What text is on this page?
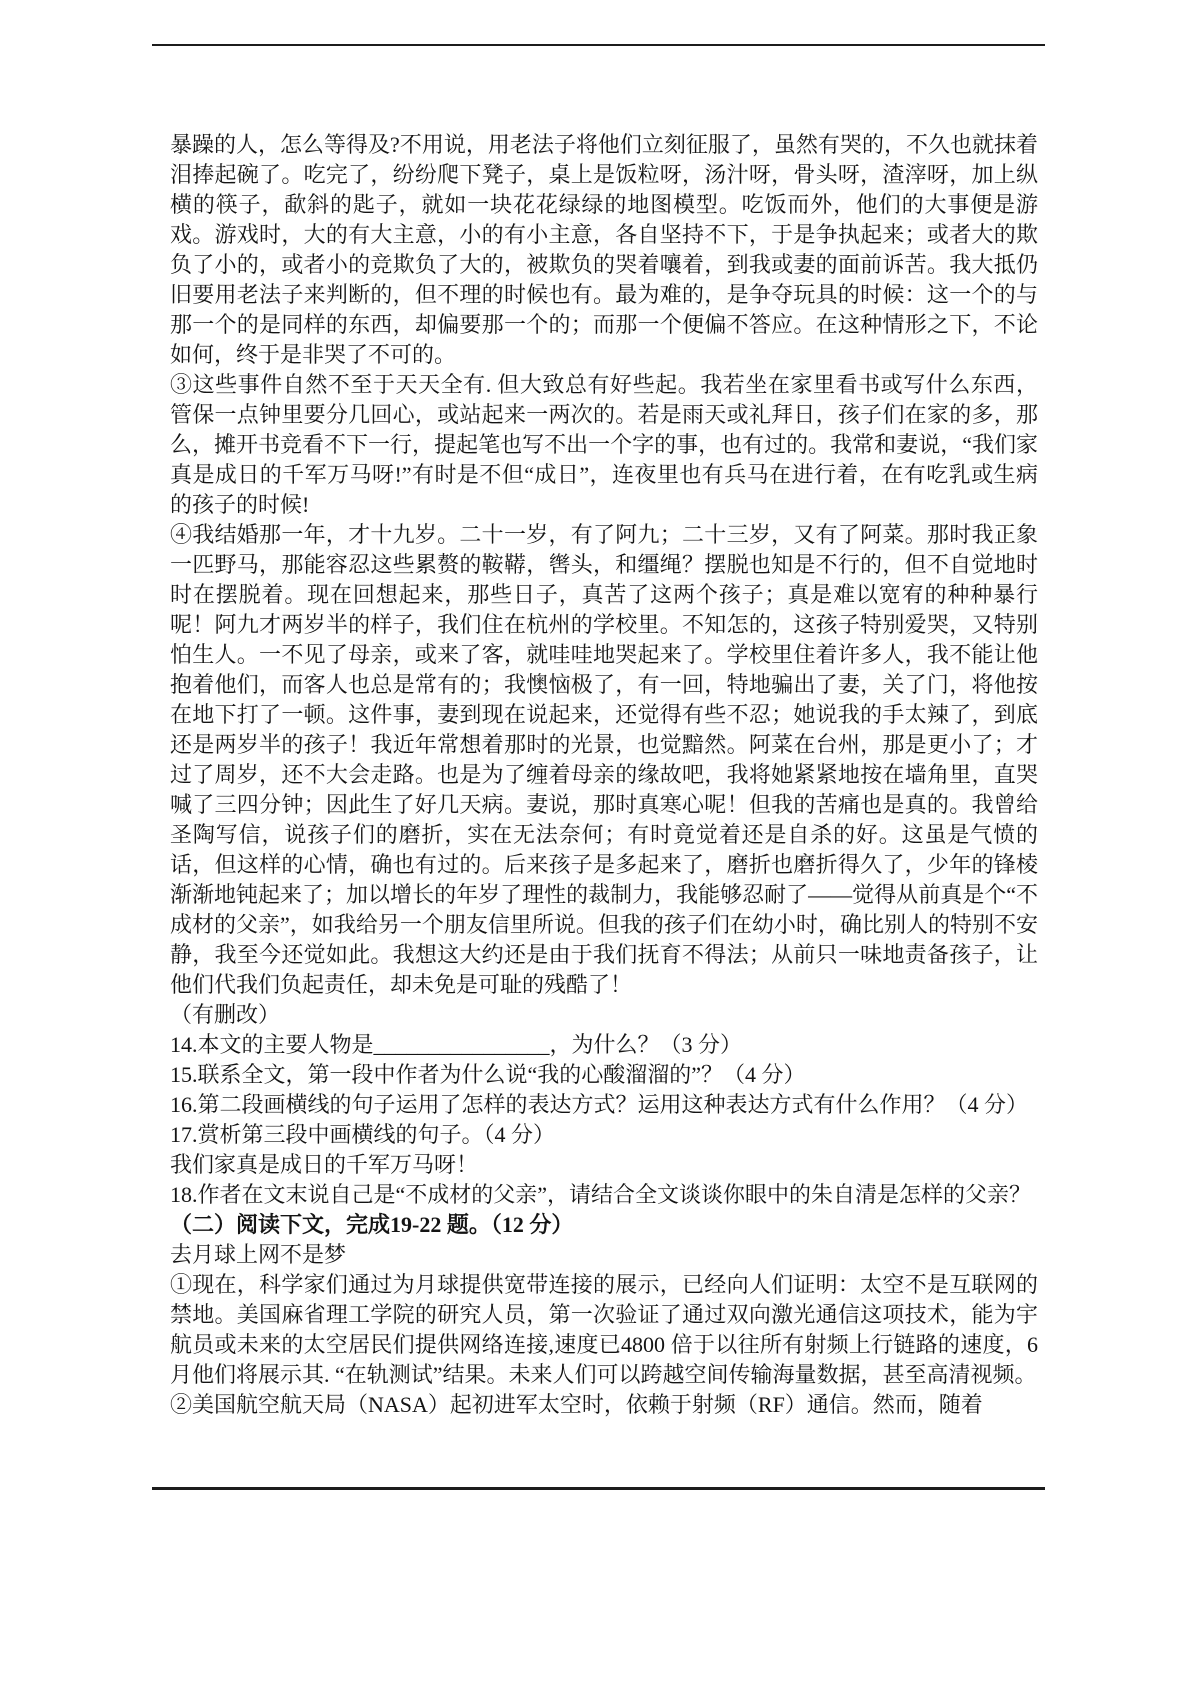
暴躁的人，怎么等得及?不用说，用老法子将他们立刻征服了，虽然有哭的，不久也就抹着泪捧起碗了。吃完了，纷纷爬下凳子，桌上是饭粒呀，汤汁呀，骨头呀，渣滓呀，加上纵横的筷子，歃斜的匙子，就如一块花花绿绿的地图模型。吃饭而外，他们的大事便是游戏。游戏时，大的有大主意，小的有小主意，各自坚持不下，于是争执起来；或者大的欺负了小的，或者小的竞欺负了大的，被欺负的哭着嚷着，到我或妻的面前诉苦。我大抵仍旧要用老法子来判断的，但不理的时候也有。最为难的，是争夺玩具的时候：这一个的与那一个的是同样的东西，却偏要那一个的；而那一个便偏不答应。在这种情形之下，不论如何，终于是非哭了不可的。

③这些事件自然不至于天天全有. 但大致总有好些起。我若坐在家里看书或写什么东西，管保一点钟里要分几回心，或站起来一两次的。若是雨天或礼拜日，孩子们在家的多，那么，摊开书竞看不下一行，提起笔也写不出一个字的事，也有过的。我常和妻说，“我们家真是成日的千军万马呀!”有时是不但“成日”，连夜里也有兵马在进行着，在有吃乳或生病的孩子的时候!

④我结婚那一年，才十九岁。二十一岁，有了阿九；二十三岁，又有了阿菜。那时我正象一匹野马，那能容忍这些累赘的鞍鞯，辔头，和缰绳？摆脱也知是不行的，但不自觉地时时在摆脱着。现在回想起来，那些日子，真苦了这两个孩子；真是难以宽宥的种种暴行呢！阿九才两岁半的样子，我们住在杭州的学校里。不知怎的，这孩子特别爱哭，又特别怕生人。一不见了母亲，或来了客，就哇哇地哭起来了。学校里住着许多人，我不能让他抱着他们，而客人也总是常有的；我懊恼极了，有一回，特地骗出了妻，关了门，将他按在地下打了一顿。这件事，妻到现在说起来，还觉得有些不忍；她说我的手太辣了，到底还是两岁半的孩子！我近年常想着那时的光景，也觉黯然。阿菜在台州，那是更小了；才过了周岁，还不大会走路。也是为了缠着母亲的缘故吧，我将她紧紧地按在墙角里，直哭喊了三四分钟；因此生了好几天病。妻说，那时真寒心呢！但我的苦痛也是真的。我曾给圣陶写信，说孩子们的磨折，实在无法奈何；有时竟觉着还是自杀的好。这虽是气愤的话，但这样的心情，确也有过的。后来孩子是多起来了，磨折也磨折得久了，少年的锋棱渐渐地钝起来了；加以增长的年岁了理性的裁制力，我能够忍耐了——觉得从前真是个“不成材的父亲”，如我给另一个朋友信里所说。但我的孩子们在幼小时，确比别人的特别不安静，我至今还觉如此。我想这大约还是由于我们抚育不得法；从前只一味地责备孩子，让他们代我们负起责任，却未免是可耻的残酷了！

（有删改）

14.本文的主要人物是________________，为什么？（3 分）

15.联系全文，第一段中作者为什么说“我的心酸溜溜的”？（4 分）

16.第二段画横线的句子运用了怎样的表达方式？运用这种表达方式有什么作用？（4 分）

17.赏析第三段中画横线的句子。（4 分）

我们家真是成日的千军万马呀！

18.作者在文末说自己是“不成材的父亲”，请结合全文谈谈你眼中的朱自清是怎样的父亲？

（二）阅读下文，完成19-22 题。（12 分）

去月球上网不是梦

①现在，科学家们通过为月球提供宽带连接的展示，已经向人们证明：太空不是互联网的禁地。美国麻省理工学院的研究人员，第一次验证了通过双向激光通信这项技术，能为宇航员或未来的太空居民们提供网络连接,速度已4800 倍于以往所有射频上行链路的速度，6 月他们将展示其. “在轨测试”结果。未来人们可以跨越空间传输海量数据，甚至高清视频。

②美国航空航天局（NASA）起初进军太空时，依赖于射频（RF）通信。然而，随着
